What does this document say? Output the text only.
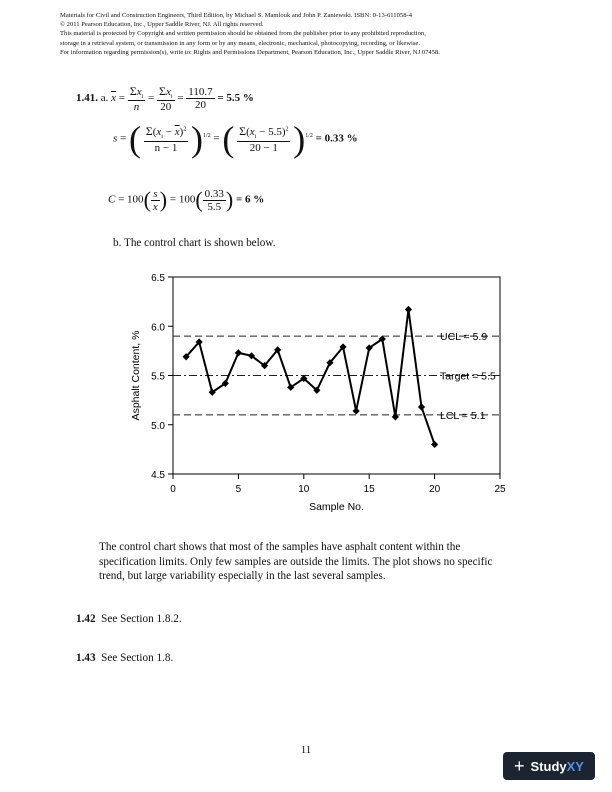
Materials for Civil and Construction Engineers, Third Edition, by Michael S. Mamlouk and John P. Zaniewski. ISBN: 0-13-611058-4
© 2011 Pearson Education, Inc., Upper Saddle River, NJ. All rights reserved.
This material is protected by Copyright and written permission should be obtained from the publisher prior to any prohibited reproduction,
storage in a retrieval system, or transmission in any form or by any means, electronic, mechanical, photocopying, recording, or likewise.
For information regarding permission(s), write to: Rights and Permissions Department, Pearson Education, Inc., Upper Saddle River, NJ 07458.
1.41. a. $\overline{x} = \frac{\Sigma x_i}{n} = \frac{\Sigma x_i}{20} = \frac{110.7}{20} = 5.5$ %
s = ( $\frac{\Sigma(x_i - \overline{x})^2}{n - 1} )^{1/2}$ = ( $\frac{\Sigma(x_i - 5.5)^2}{20 - 1} )^{1/2} = 0.33$ %
$C = 100( \frac{s}{x}$ ) = $100( \frac{0.33}{5.5}$ ) = 6 %
b. The control chart is shown below.
4.5
5.0
5.5
6.0
6.5
0	5	10	15	20	25
UCL = 5.9
Target = 5.5
LCL = 5.1
Sample No.
Asphalt Content, %
The control chart shows that most of the samples have asphalt content within the
specification limits. Only few samples are outside the limits. The plot shows no specific
trend, but large variability especially in the last several samples.
1.42 See Section 1.8.2.
1.43 See Section 1.8.
11
+ StudyXY
